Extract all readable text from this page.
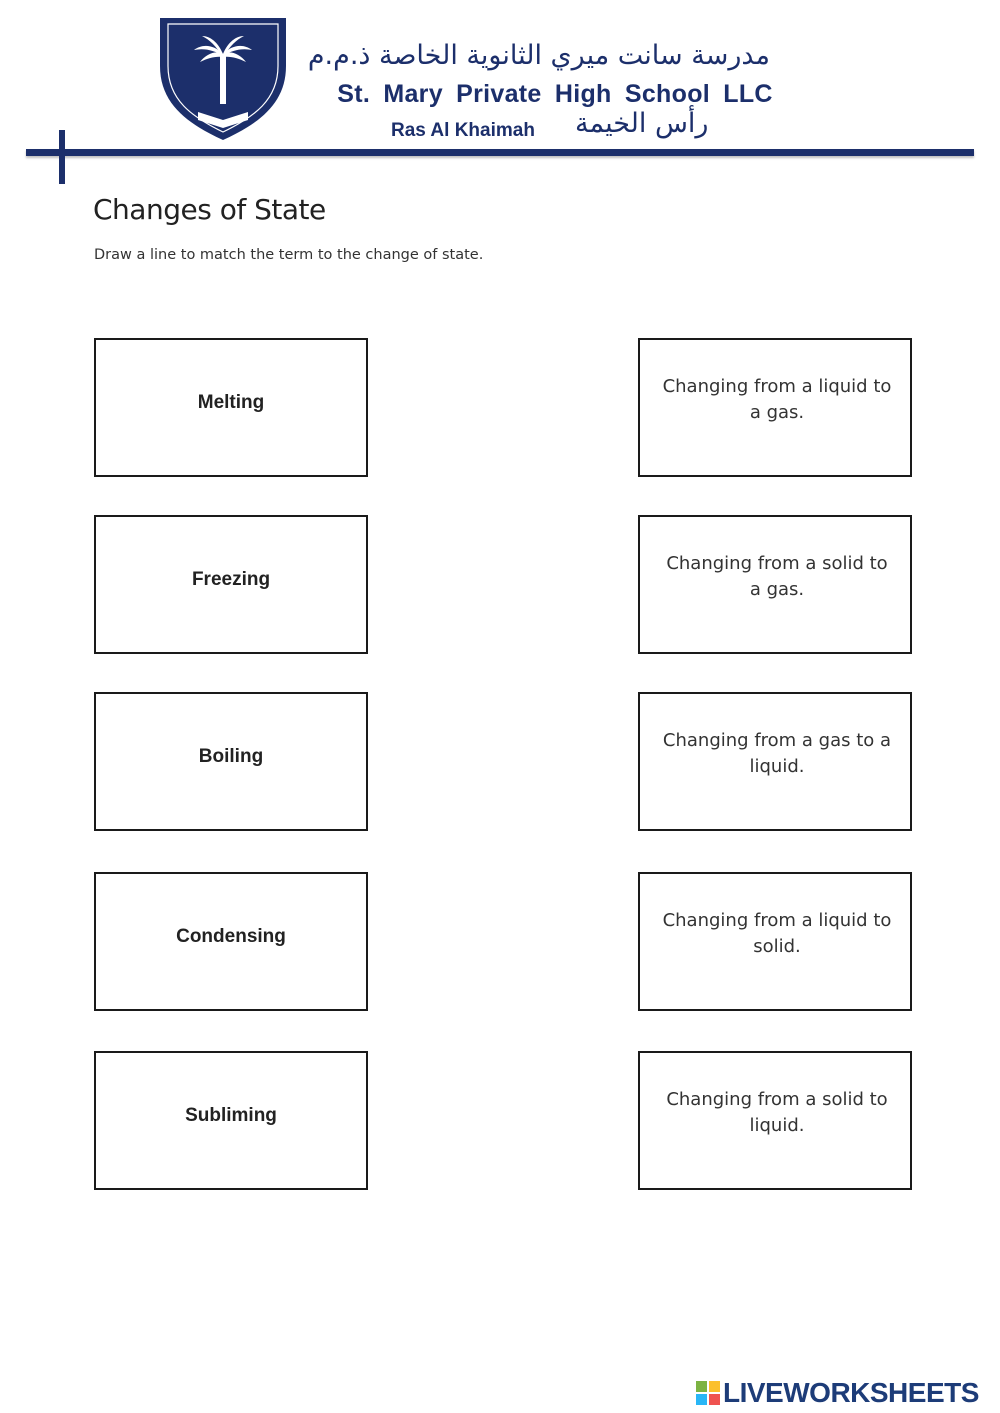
مدرسة سانت ميري الثانوية الخاصة ذ.م.م
St. Mary Private High School LLC
Ras Al Khaimah رأس الخيمة
Changes of State

Draw a line to match the term to the change of state.

Melting
Freezing
Boiling
Condensing
Subliming
Changing from a liquid to a gas.
Changing from a solid to a gas.
Changing from a gas to a liquid.
Changing from a liquid to solid.
Changing from a solid to liquid.
LIVEWORKSHEETS
